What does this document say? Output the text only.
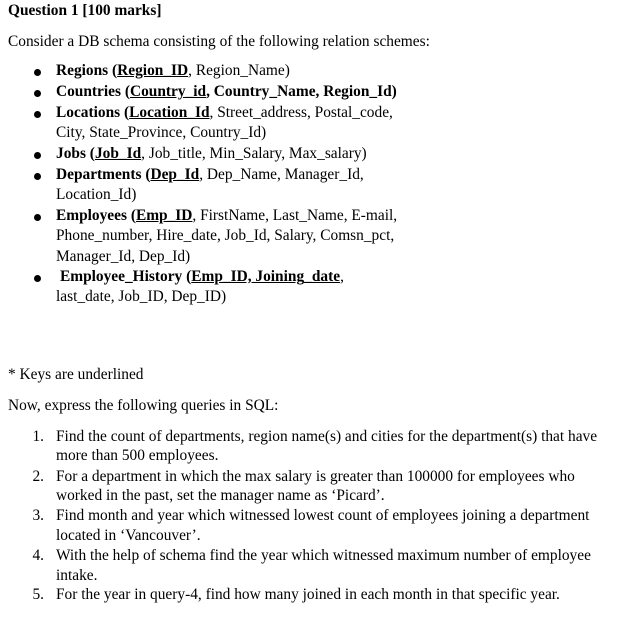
Question 1 [100 marks]
Consider a DB schema consisting of the following relation schemes:
Regions (Region_ID, Region_Name)
Countries (Country_id, Country_Name, Region_Id)
Locations (Location_Id, Street_address, Postal_code,
City, State_Province, Country_Id)
Jobs (Job_Id, Job_title, Min_Salary, Max_salary)
Departments (Dep_Id, Dep_Name, Manager_Id,
Location_Id)
Employees (Emp_ID, FirstName, Last_Name, E-mail,
Phone_number, Hire_date, Job_Id, Salary, Comsn_pct,
Manager_Id, Dep_Id)
Employee_History (Emp_ID, Joining_date,
last_date, Job_ID, Dep_ID)
* Keys are underlined
Now, express the following queries in SQL:
1. Find the count of departments, region name(s) and cities for the department(s) that have
more than 500 employees.
2. For a department in which the max salary is greater than 100000 for employees who
worked in the past, set the manager name as ‘Picard’.
3. Find month and year which witnessed lowest count of employees joining a department
located in ‘Vancouver’.
4. With the help of schema find the year which witnessed maximum number of employee
intake.
5. For the year in query-4, find how many joined in each month in that specific year.
